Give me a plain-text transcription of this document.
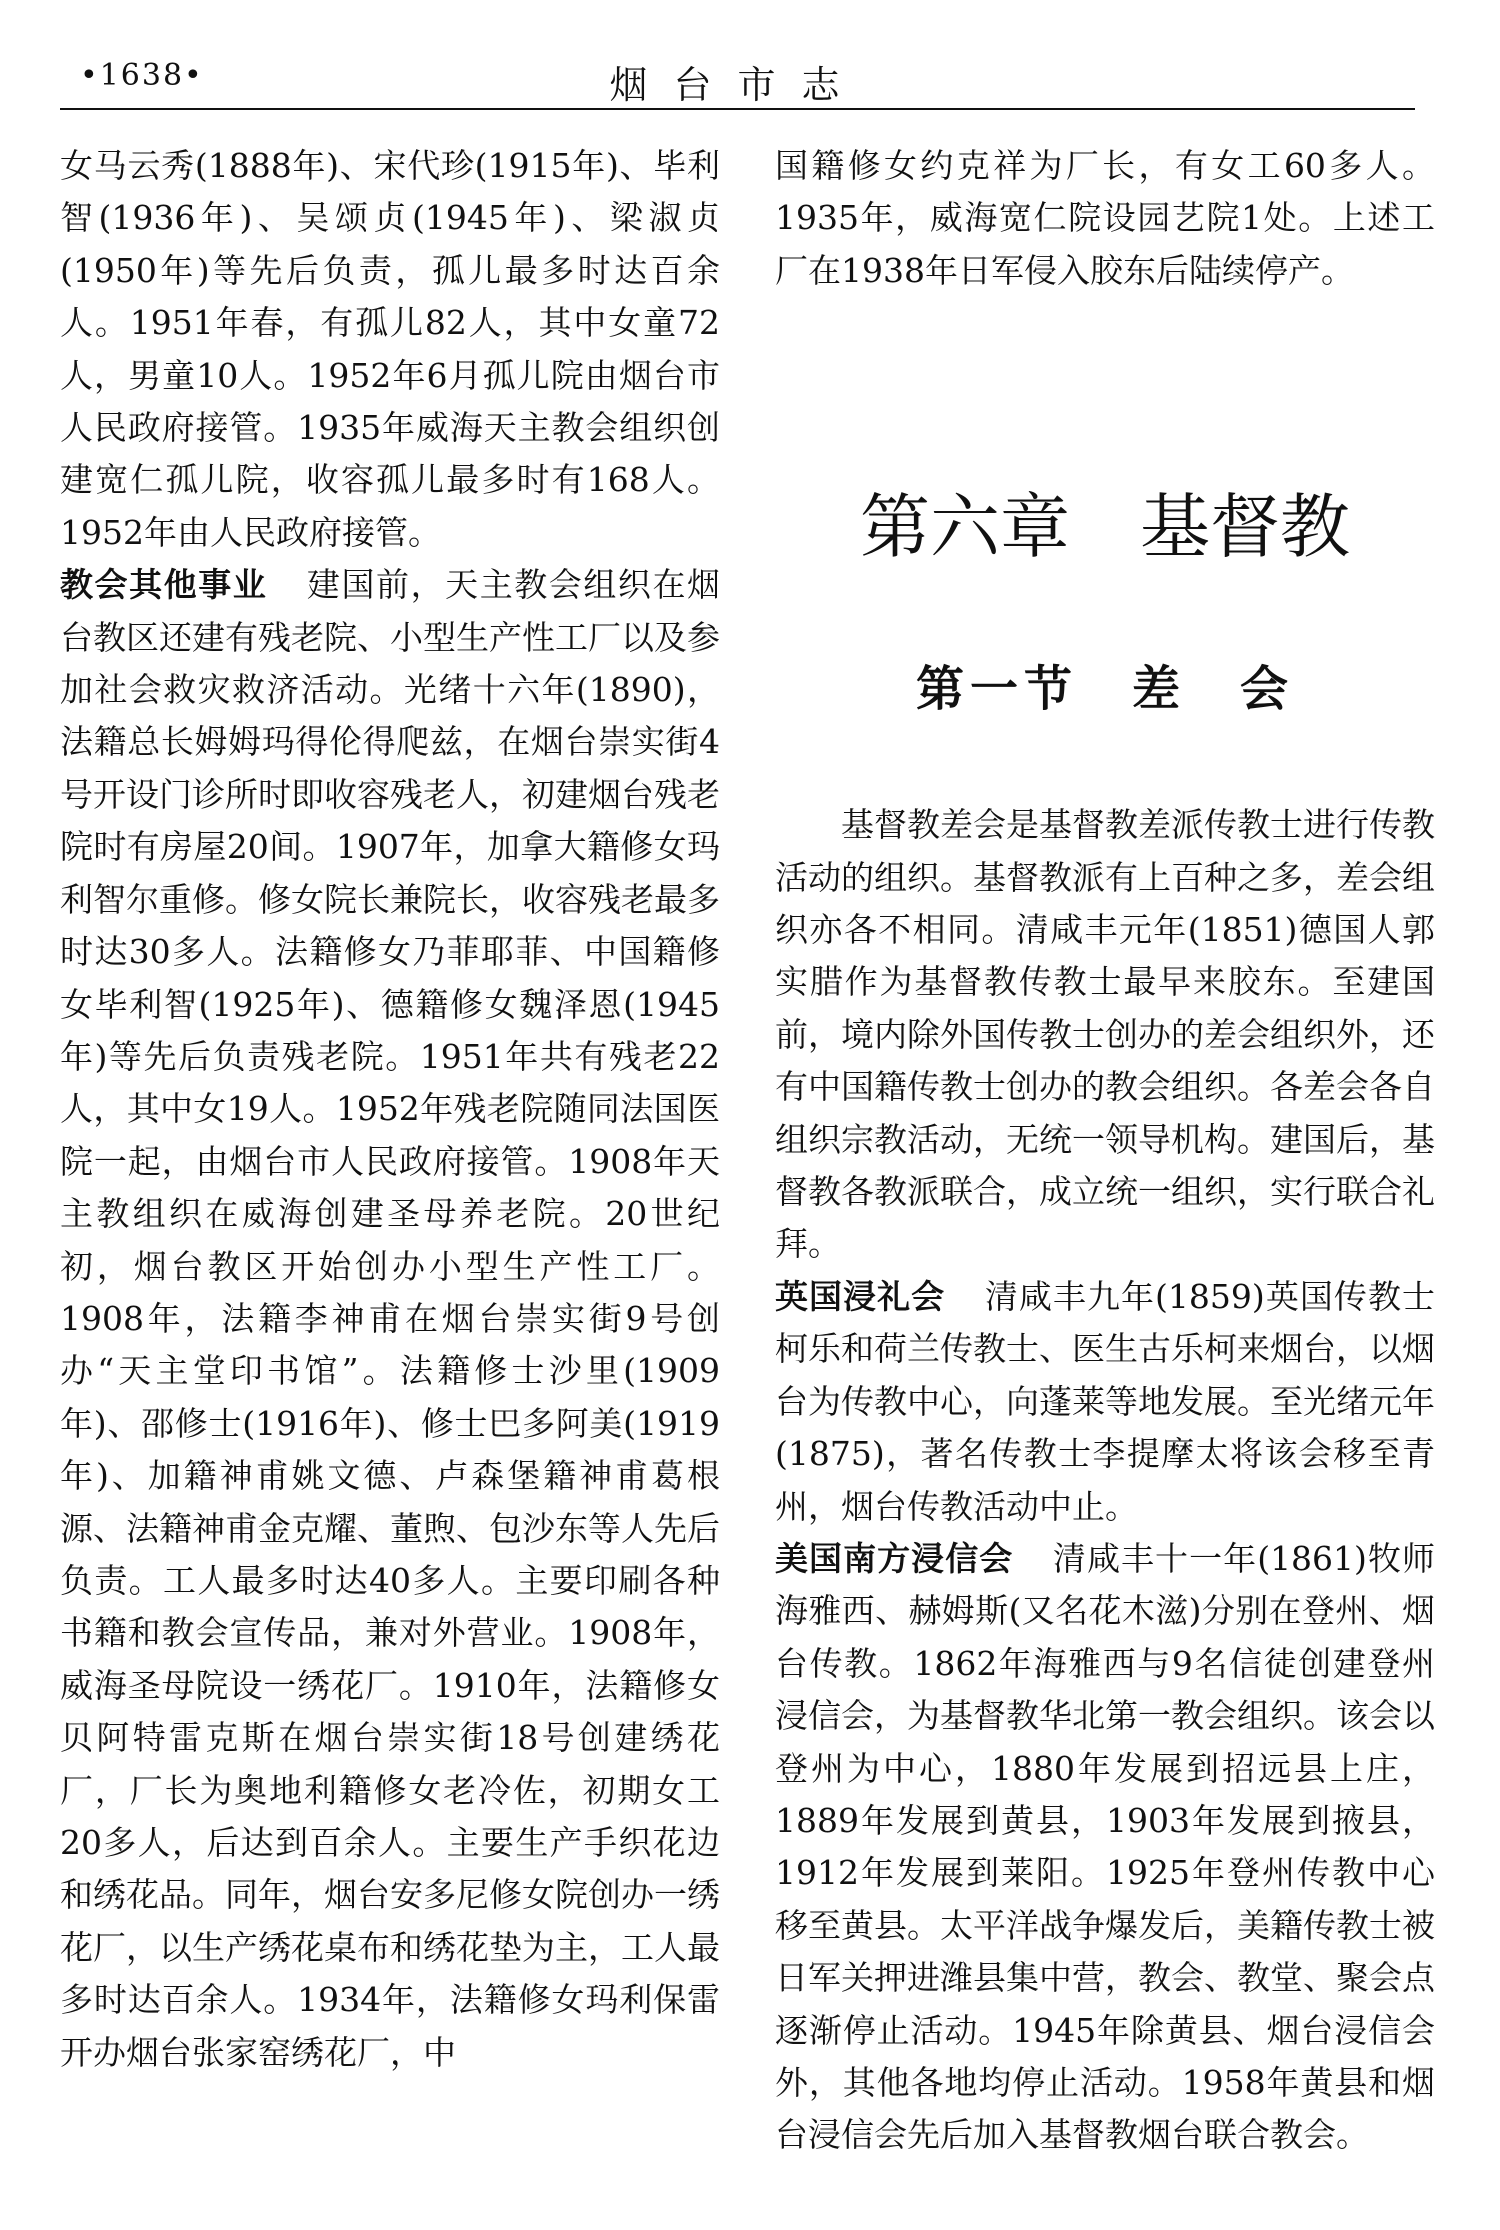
•1638•	烟台市志

女马云秀(1888年)、宋代珍(1915年)、毕利智(1936年)、吴颂贞(1945年)、梁淑贞(1950年)等先后负责，孤儿最多时达百余人。1951年春，有孤儿82人，其中女童72人，男童10人。1952年6月孤儿院由烟台市人民政府接管。1935年威海天主教会组织创建宽仁孤儿院，收容孤儿最多时有168人。1952年由人民政府接管。

教会其他事业 建国前，天主教会组织在烟台教区还建有残老院、小型生产性工厂以及参加社会救灾救济活动。光绪十六年(1890)，法籍总长姆姆玛得伦得爬兹，在烟台崇实街4号开设门诊所时即收容残老人，初建烟台残老院时有房屋20间。1907年，加拿大籍修女玛利智尔重修。修女院长兼院长，收容残老最多时达30多人。法籍修女乃菲耶菲、中国籍修女毕利智(1925年)、德籍修女魏泽恩(1945年)等先后负责残老院。1951年共有残老22人，其中女19人。1952年残老院随同法国医院一起，由烟台市人民政府接管。1908年天主教组织在威海创建圣母养老院。20世纪初，烟台教区开始创办小型生产性工厂。1908年，法籍李神甫在烟台崇实街9号创办“天主堂印书馆”。法籍修士沙里(1909年)、邵修士(1916年)、修士巴多阿美(1919年)、加籍神甫姚文德、卢森堡籍神甫葛根源、法籍神甫金克耀、董煦、包沙东等人先后负责。工人最多时达40多人。主要印刷各种书籍和教会宣传品，兼对外营业。1908年，威海圣母院设一绣花厂。1910年，法籍修女贝阿特雷克斯在烟台崇实街18号创建绣花厂，厂长为奥地利籍修女老冷佐，初期女工20多人，后达到百余人。主要生产手织花边和绣花品。同年，烟台安多尼修女院创办一绣花厂，以生产绣花桌布和绣花垫为主，工人最多时达百余人。1934年，法籍修女玛利保雷开办烟台张家窑绣花厂，中

国籍修女约克祥为厂长，有女工60多人。1935年，威海宽仁院设园艺院1处。上述工厂在1938年日军侵入胶东后陆续停产。

第六章　基督教
第一节　差　会

基督教差会是基督教差派传教士进行传教活动的组织。基督教派有上百种之多，差会组织亦各不相同。清咸丰元年(1851)德国人郭实腊作为基督教传教士最早来胶东。至建国前，境内除外国传教士创办的差会组织外，还有中国籍传教士创办的教会组织。各差会各自组织宗教活动，无统一领导机构。建国后，基督教各教派联合，成立统一组织，实行联合礼拜。

英国浸礼会 清咸丰九年(1859)英国传教士柯乐和荷兰传教士、医生古乐柯来烟台，以烟台为传教中心，向蓬莱等地发展。至光绪元年(1875)，著名传教士李提摩太将该会移至青州，烟台传教活动中止。

美国南方浸信会 清咸丰十一年(1861)牧师海雅西、赫姆斯(又名花木滋)分别在登州、烟台传教。1862年海雅西与9名信徒创建登州浸信会，为基督教华北第一教会组织。该会以登州为中心，1880年发展到招远县上庄，1889年发展到黄县，1903年发展到掖县，1912年发展到莱阳。1925年登州传教中心移至黄县。太平洋战争爆发后，美籍传教士被日军关押进潍县集中营，教会、教堂、聚会点逐渐停止活动。1945年除黄县、烟台浸信会外，其他各地均停止活动。1958年黄县和烟台浸信会先后加入基督教烟台联合教会。
